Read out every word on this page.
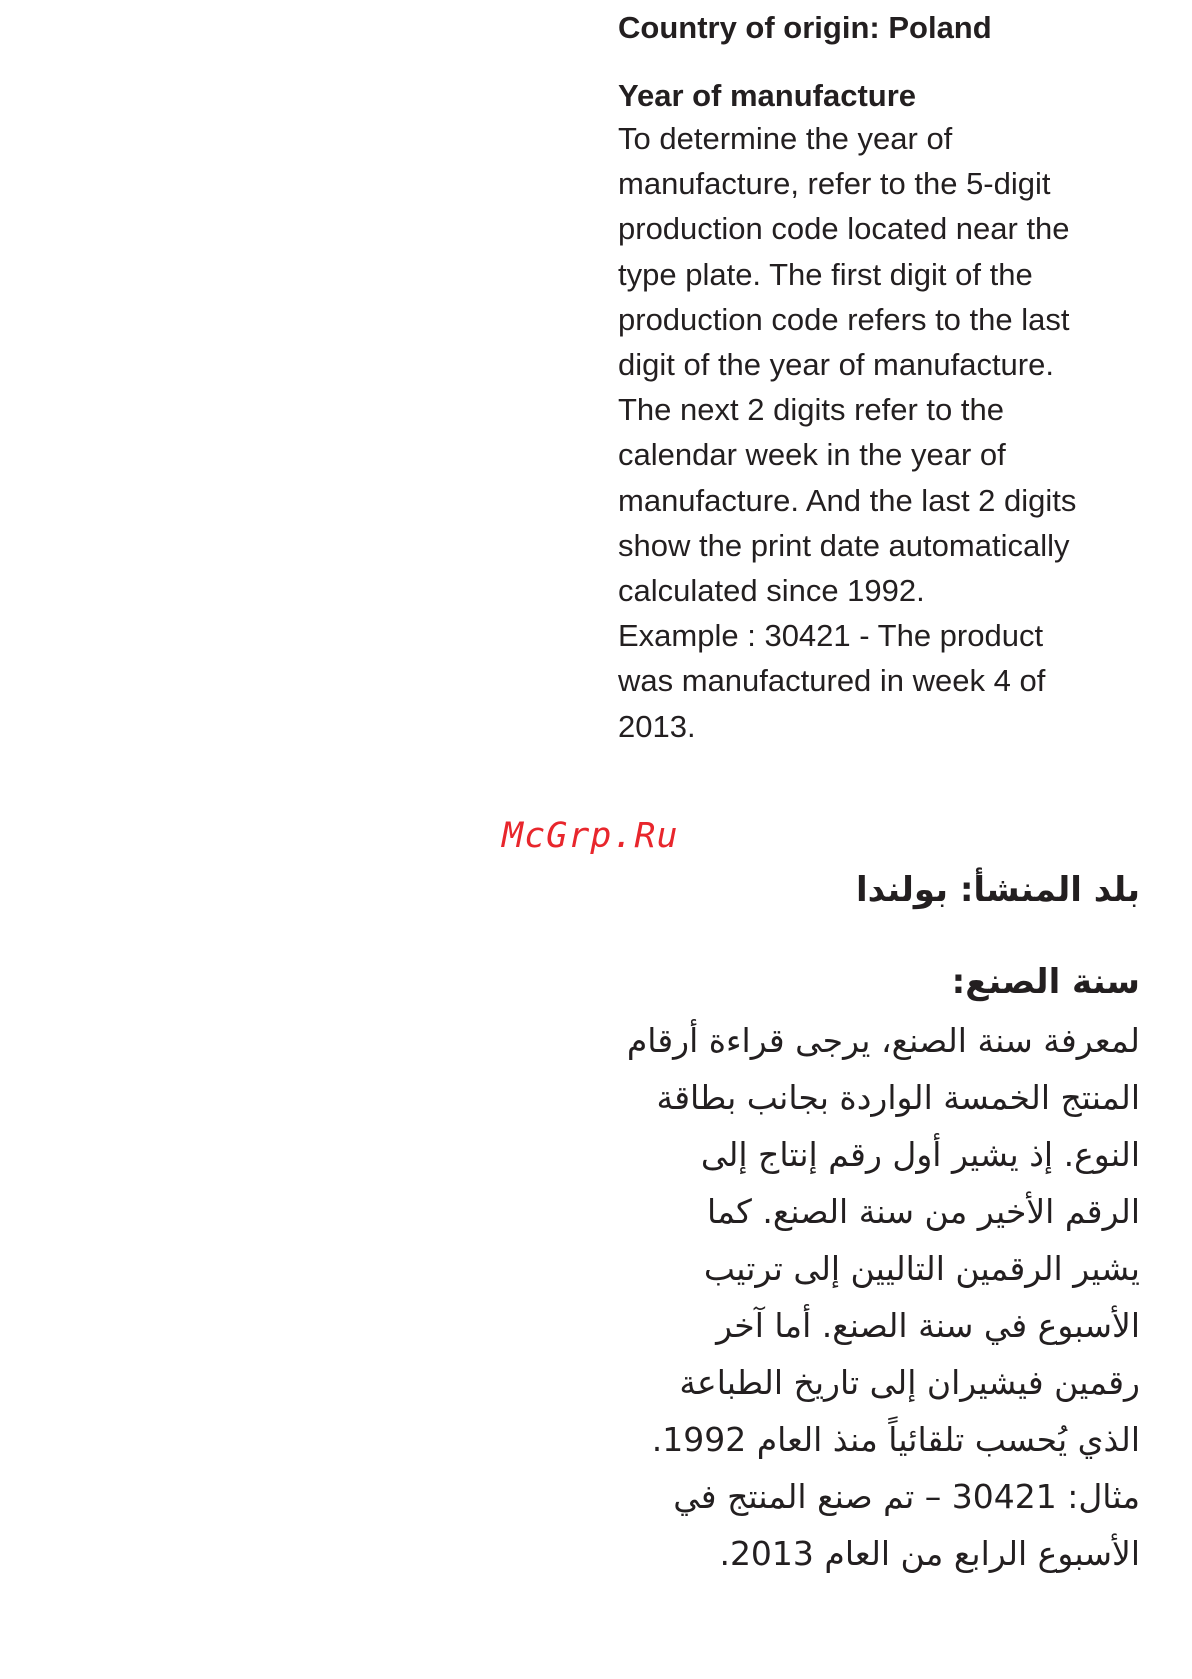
Country of origin: Poland

Year of manufacture

To determine the year of

manufacture, refer to the 5-digit

production code located near the

type plate. The first digit of the

production code refers to the last

digit of the year of manufacture.

The next 2 digits refer to the

calendar week in the year of

manufacture. And the last 2 digits

show the print date automatically

calculated since 1992.

Example : 30421 - The product

was manufactured in week 4 of

2013.

McGrp.Ru

بلد المنشأ: بولندا

سنة الصنع:

لمعرفة سنة الصنع، يرجى قراءة أرقام

المنتج الخمسة الواردة بجانب بطاقة

النوع. إذ يشير أول رقم إنتاج إلى

الرقم الأخير من سنة الصنع. كما

يشير الرقمين التاليين إلى ترتيب

الأسبوع في سنة الصنع. أما آخر

رقمين فيشيران إلى تاريخ الطباعة

الذي يُحسب تلقائياً منذ العام 1992.

مثال: 30421 – تم صنع المنتج في

الأسبوع الرابع من العام 2013.
